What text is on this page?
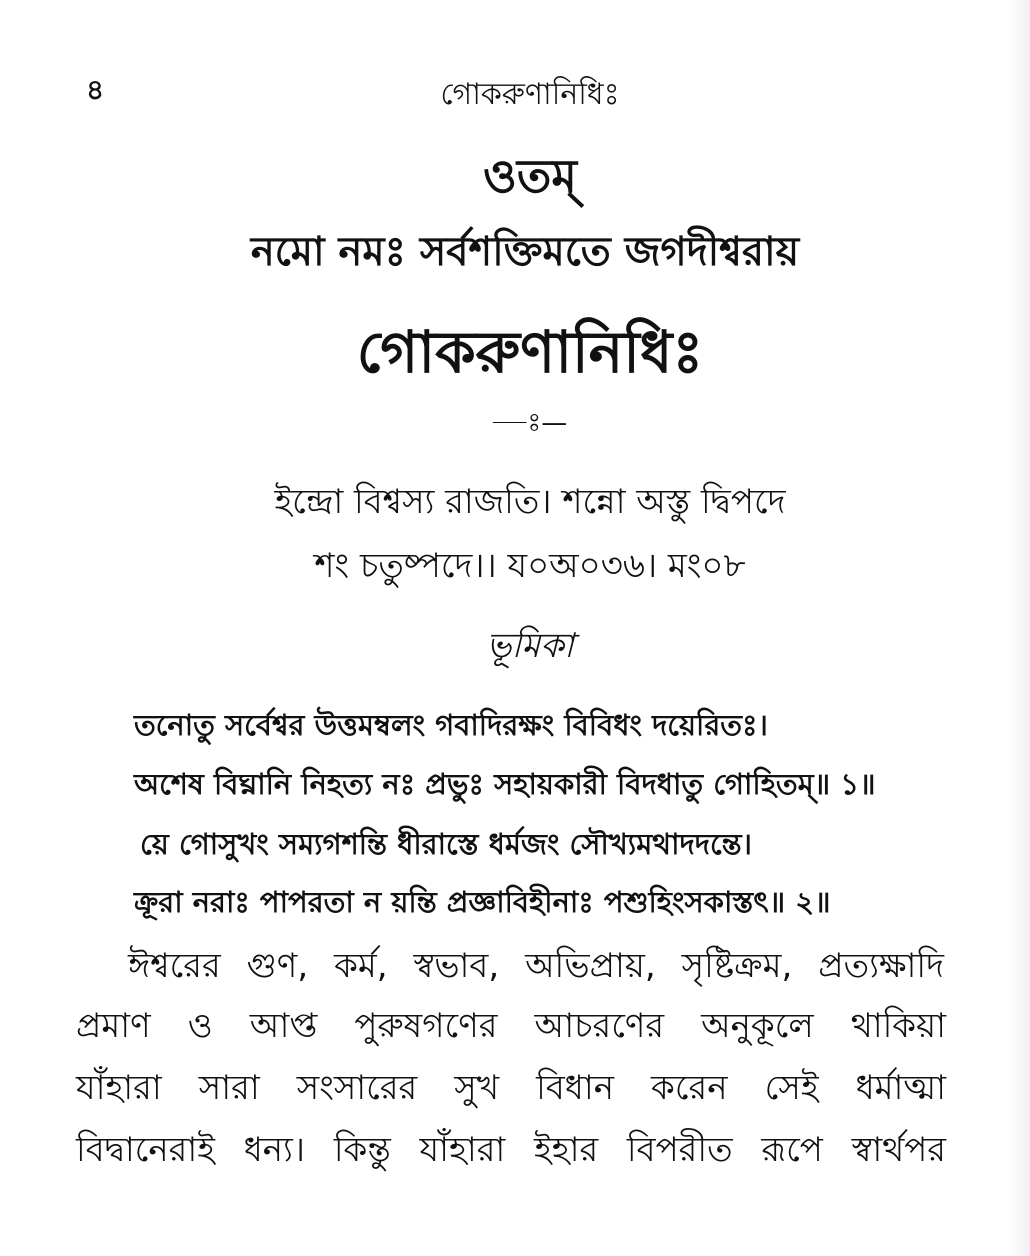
৪	গোকরুণানিধিঃ
ওতম্
নমো নমঃ সর্বশক্তিমতে জগদীশ্বরায়
গোকরুণানিধিঃ
—ঃ—
ইন্দ্রো বিশ্বস্য রাজতি। শন্নো অস্তু দ্বিপদে
শং চতুষ্পদে।। য০অ০৩৬। মং০৮
ভূমিকা
তনোতু সর্বেশ্বর উত্তমম্বলং গবাদিরক্ষং বিবিধং দয়েরিতঃ।
অশেষ বিঘ্নানি নিহত্য নঃ প্রভুঃ সহায়কারী বিদধাতু গোহিতম্॥ ১॥
য়ে গোসুখং সম্যগশন্তি ধীরাস্তে ধর্মজং সৌখ্যমথাদদন্তে।
ক্রূরা নরাঃ পাপরতা ন য়ন্তি প্রজ্ঞাবিহীনাঃ পশুহিংসকাস্তৎ॥ ২॥
ঈশ্বরের গুণ, কর্ম, স্বভাব, অভিপ্রায়, সৃষ্টিক্রম, প্রত্যক্ষাদি
প্রমাণ ও আপ্ত পুরুষগণের আচরণের অনুকূলে থাকিয়া
যাঁহারা সারা সংসারের সুখ বিধান করেন সেই ধর্মাত্মা
বিদ্বানেরাই ধন্য। কিন্তু যাঁহারা ইহার বিপরীত রূপে স্বার্থপর
